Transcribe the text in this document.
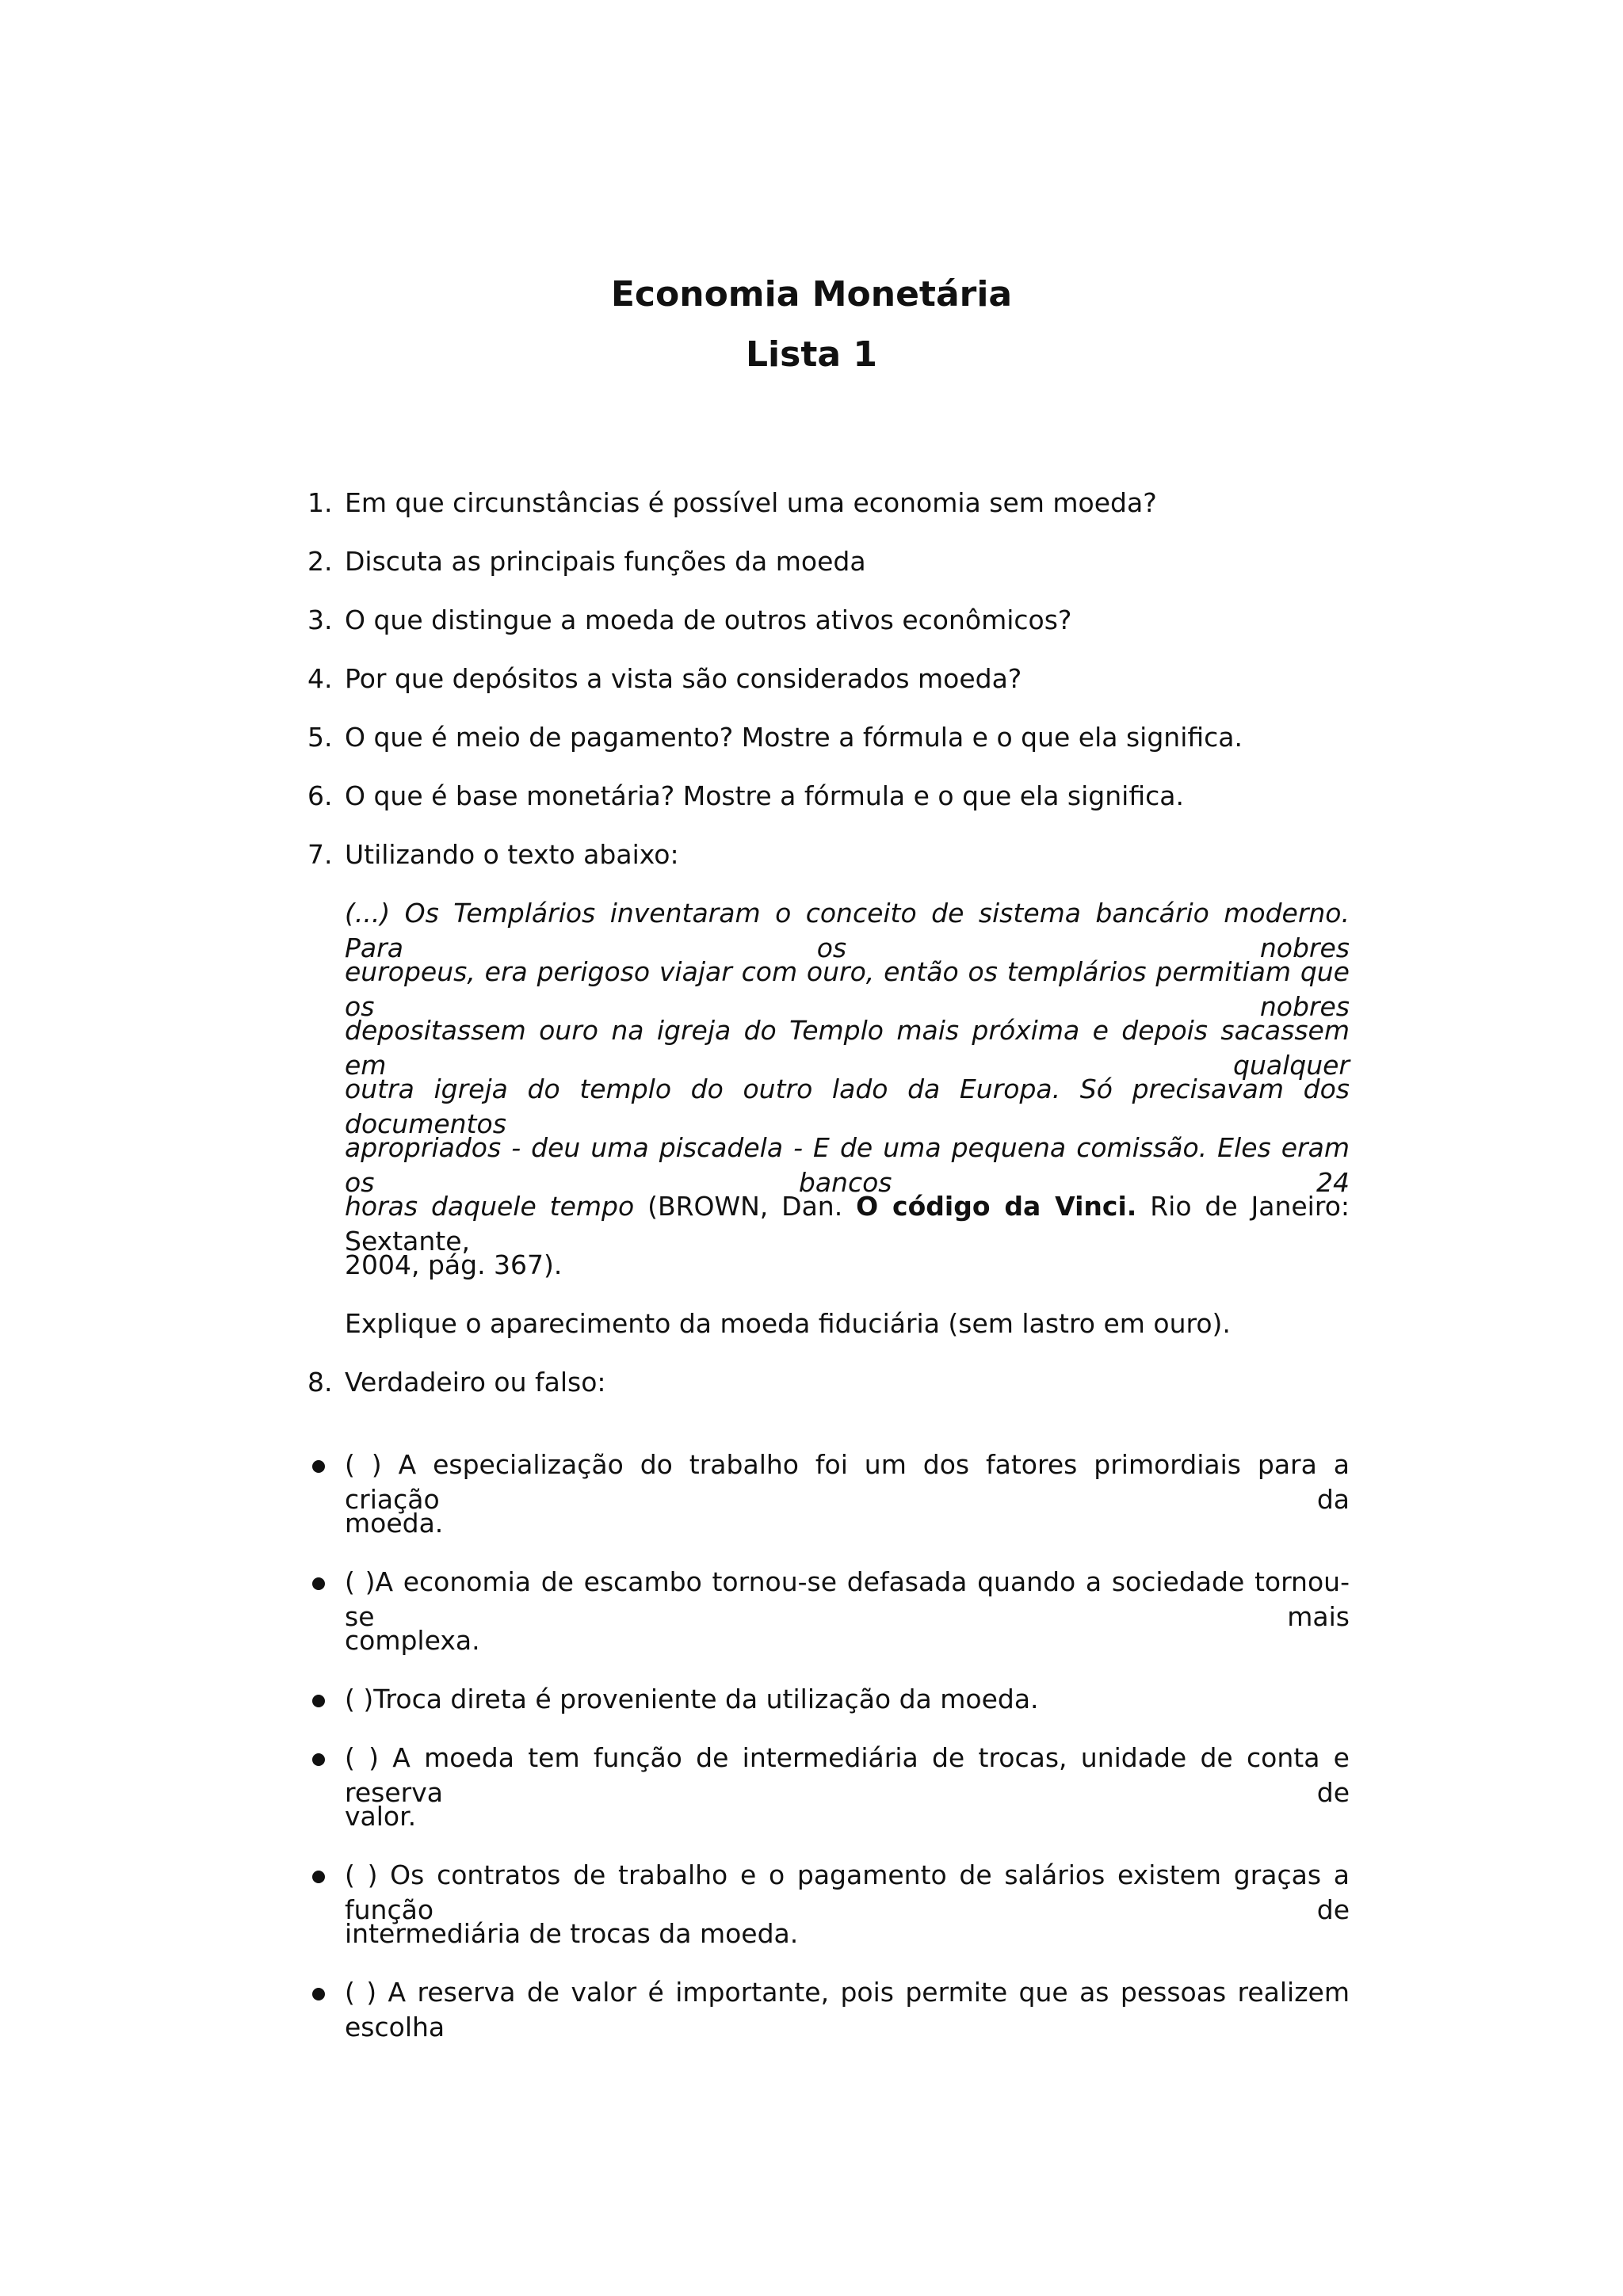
Economia Monetária
Lista 1
1. Em que circunstâncias é possível uma economia sem moeda?
2. Discuta as principais funções da moeda
3. O que distingue a moeda de outros ativos econômicos?
4. Por que depósitos a vista são considerados moeda?
5. O que é meio de pagamento? Mostre a fórmula e o que ela significa.
6. O que é base monetária? Mostre a fórmula e o que ela significa.
7. Utilizando o texto abaixo:
(...) Os Templários inventaram o conceito de sistema bancário moderno. Para os nobres
europeus, era perigoso viajar com ouro, então os templários permitiam que os nobres
depositassem ouro na igreja do Templo mais próxima e depois sacassem em qualquer
outra igreja do templo do outro lado da Europa. Só precisavam dos documentos
apropriados - deu uma piscadela - E de uma pequena comissão. Eles eram os bancos 24
horas daquele tempo (BROWN, Dan. O código da Vinci. Rio de Janeiro: Sextante,
2004, pág. 367).
Explique o aparecimento da moeda fiduciária (sem lastro em ouro).
8. Verdadeiro ou falso:
( ) A especialização do trabalho foi um dos fatores primordiais para a criação da
moeda.
( )A economia de escambo tornou-se defasada quando a sociedade tornou-se mais
complexa.
( )Troca direta é proveniente da utilização da moeda.
( ) A moeda tem função de intermediária de trocas, unidade de conta e reserva de
valor.
( ) Os contratos de trabalho e o pagamento de salários existem graças a função de
intermediária de trocas da moeda.
( ) A reserva de valor é importante, pois permite que as pessoas realizem escolha
